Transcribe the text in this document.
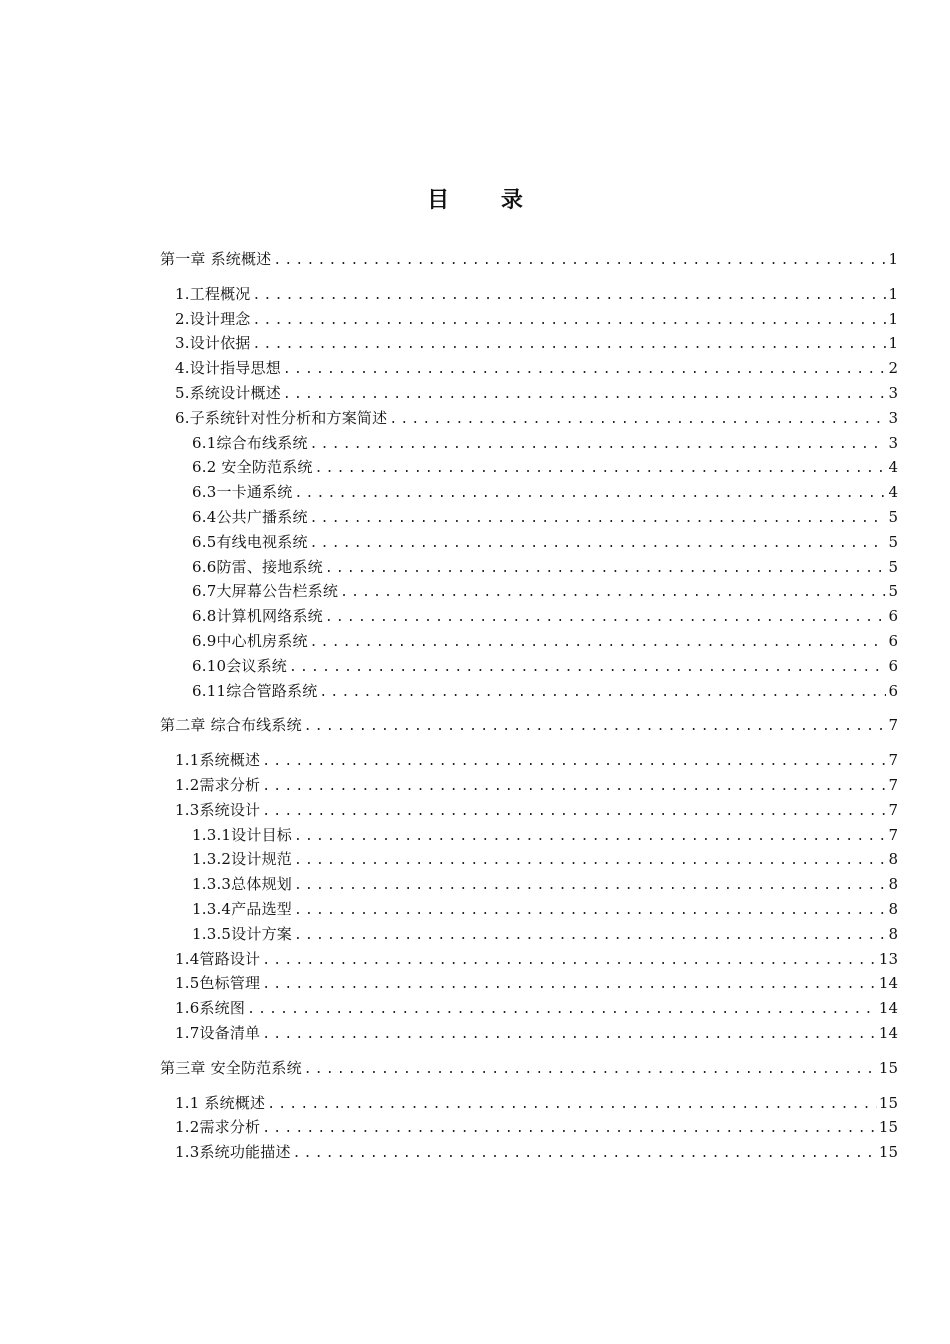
目 录
第一章 系统概述 .....	1
1.工程概况 .....	1
2.设计理念 .....	1
3.设计依据 .....	1
4.设计指导思想 .....	2
5.系统设计概述 .....	3
6.子系统针对性分析和方案简述 .....	3
6.1综合布线系统 .....	3
6.2 安全防范系统 .....	4
6.3一卡通系统 .....	4
6.4公共广播系统 .....	5
6.5有线电视系统 .....	5
6.6防雷、接地系统 .....	5
6.7大屏幕公告栏系统 .....	5
6.8计算机网络系统 .....	6
6.9中心机房系统 .....	6
6.10会议系统 .....	6
6.11综合管路系统 .....	6
第二章 综合布线系统 .....	7
1.1系统概述 .....	7
1.2需求分析 .....	7
1.3系统设计 .....	7
1.3.1设计目标 .....	7
1.3.2设计规范 .....	8
1.3.3总体规划 .....	8
1.3.4产品选型 .....	8
1.3.5设计方案 .....	8
1.4管路设计 .....	13
1.5色标管理 .....	14
1.6系统图 .....	14
1.7设备清单 .....	14
第三章 安全防范系统 .....	15
1.1 系统概述 .....	15
1.2需求分析 .....	15
1.3系统功能描述 .....	15
